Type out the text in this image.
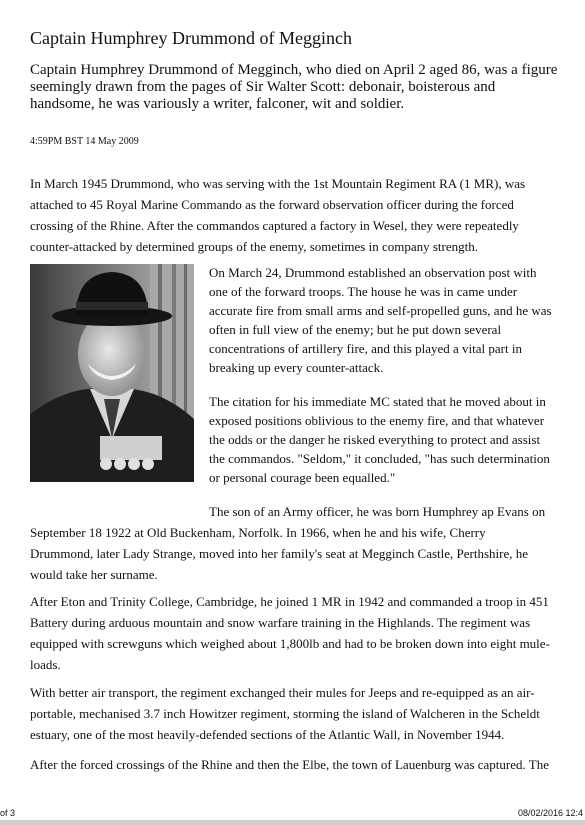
Captain Humphrey Drummond of Megginch

Captain Humphrey Drummond of Megginch, who died on April 2 aged 86, was a figure seemingly drawn from the pages of Sir Walter Scott: debonair, boisterous and handsome, he was variously a writer, falconer, wit and soldier.

4:59PM BST 14 May 2009

In March 1945 Drummond, who was serving with the 1st Mountain Regiment RA (1 MR), was attached to 45 Royal Marine Commando as the forward observation officer during the forced crossing of the Rhine. After the commandos captured a factory in Wesel, they were repeatedly counter-attacked by determined groups of the enemy, sometimes in company strength.

On March 24, Drummond established an observation post with one of the forward troops. The house he was in came under accurate fire from small arms and self-propelled guns, and he was often in full view of the enemy; but he put down several concentrations of artillery fire, and this played a vital part in breaking up every counter-attack.

The citation for his immediate MC stated that he moved about in exposed positions oblivious to the enemy fire, and that whatever the odds or the danger he risked everything to protect and assist the commandos. "Seldom," it concluded, "has such determination or personal courage been equalled."

The son of an Army officer, he was born Humphrey ap Evans on September 18 1922 at Old Buckenham, Norfolk. In 1966, when he and his wife, Cherry Drummond, later Lady Strange, moved into her family's seat at Megginch Castle, Perthshire, he would take her surname.

After Eton and Trinity College, Cambridge, he joined 1 MR in 1942 and commanded a troop in 451 Battery during arduous mountain and snow warfare training in the Highlands. The regiment was equipped with screwguns which weighed about 1,800lb and had to be broken down into eight mule-loads.

With better air transport, the regiment exchanged their mules for Jeeps and re-equipped as an air-portable, mechanised 3.7 inch Howitzer regiment, storming the island of Walcheren in the Scheldt estuary, one of the most heavily-defended sections of the Atlantic Wall, in November 1944.

After the forced crossings of the Rhine and then the Elbe, the town of Lauenburg was captured. The

of 3	08/02/2016 12:4
